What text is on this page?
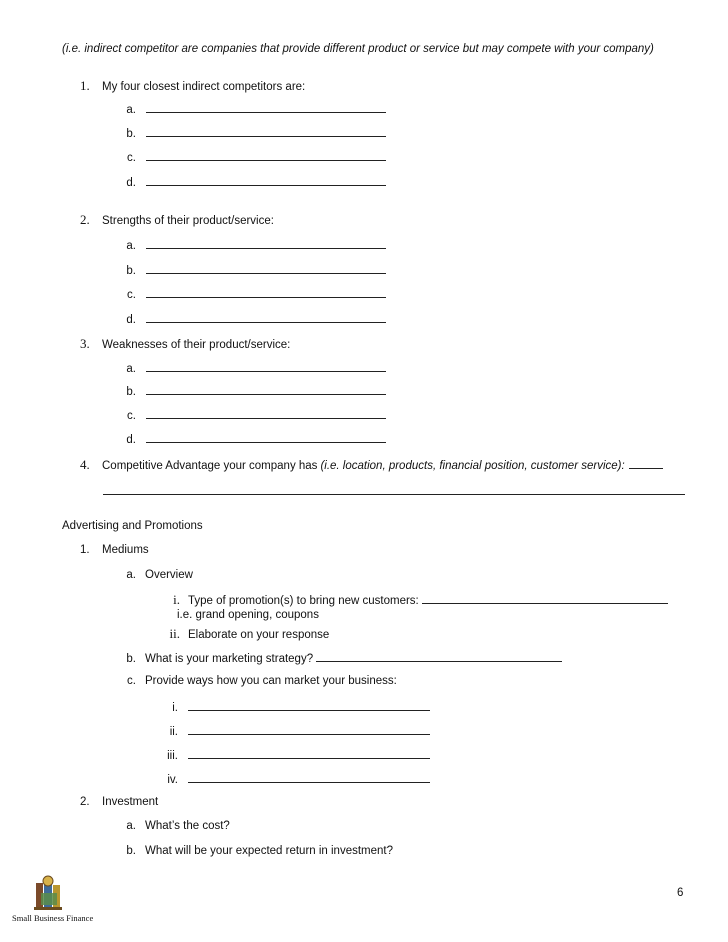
(i.e. indirect competitor are companies that provide different product or service but may compete with your company)
1.	My four closest indirect competitors are:
a.
b.
c.
d.
2.	Strengths of their product/service:
a.
b.
c.
d.
3.	Weaknesses of their product/service:
a.
b.
c.
d.
4.	Competitive Advantage your company has (i.e. location, products, financial position, customer service):
Advertising and Promotions
1.	Mediums
a. Overview
i. Type of promotion(s) to bring new customers:
i.e. grand opening, coupons
ii. Elaborate on your response
b. What is your marketing strategy?
c. Provide ways how you can market your business:
i.
ii.
iii.
iv.
2.	Investment
a. What’s the cost?
b. What will be your expected return in investment?
Small Business Finance
6
